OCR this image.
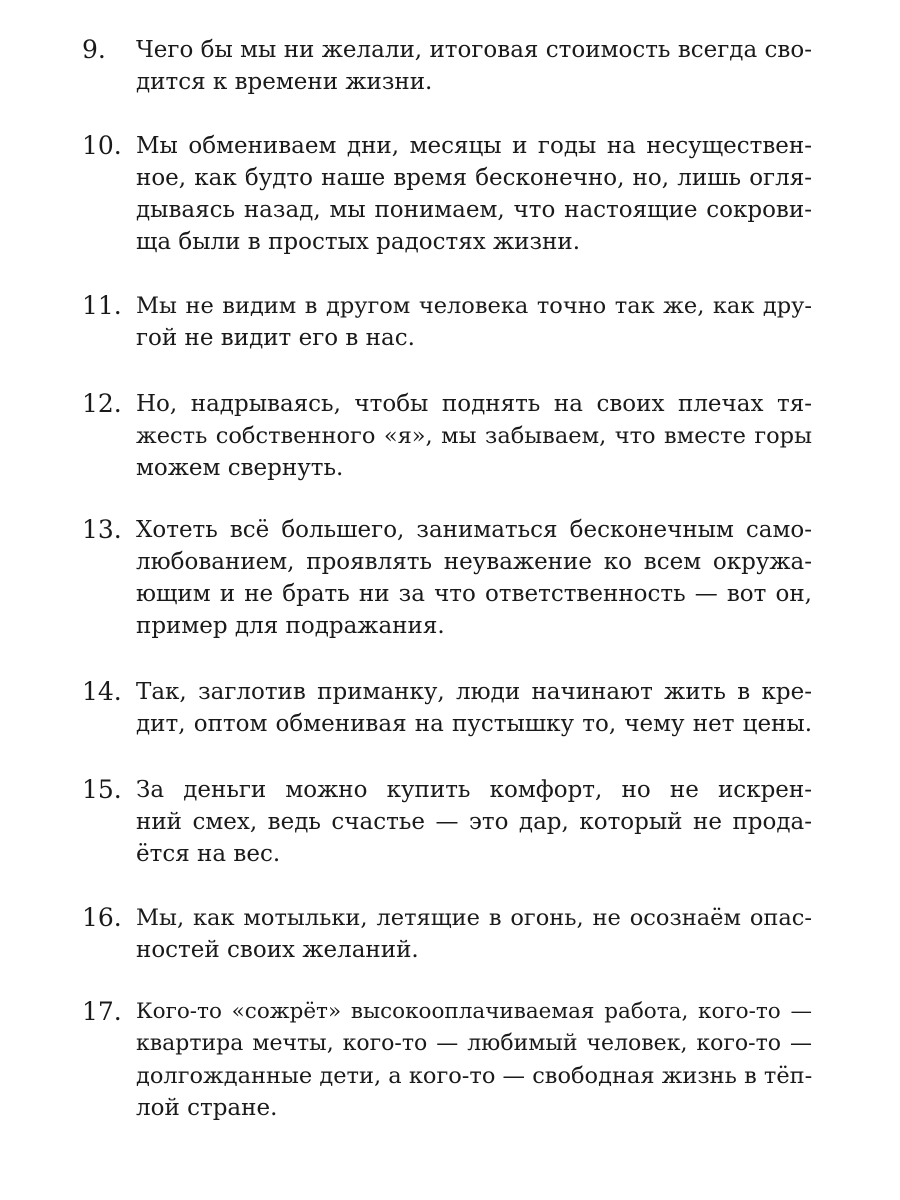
9. Чего бы мы ни желали, итоговая стоимость всегда сво-
дится к времени жизни.
10. Мы обмениваем дни, месяцы и годы на несуществен-
ное, как будто наше время бесконечно, но, лишь огля-
дываясь назад, мы понимаем, что настоящие сокрови-
ща были в простых радостях жизни.
11. Мы не видим в другом человека точно так же, как дру-
гой не видит его в нас.
12. Но, надрываясь, чтобы поднять на своих плечах тя-
жесть собственного «я», мы забываем, что вместе горы
можем свернуть.
13. Хотеть всё большего, заниматься бесконечным само-
любованием, проявлять неуважение ко всем окружа-
ющим и не брать ни за что ответственность — вот он,
пример для подражания.
14. Так, заглотив приманку, люди начинают жить в кре-
дит, оптом обменивая на пустышку то, чему нет цены.
15. За деньги можно купить комфорт, но не искрен-
ний смех, ведь счастье — это дар, который не прода-
ётся на вес.
16. Мы, как мотыльки, летящие в огонь, не осознаём опас-
ностей своих желаний.
17. Кого-то «сожрёт» высокооплачиваемая работа, кого-то —
квартира мечты, кого-то — любимый человек, кого-то —
долгожданные дети, а кого-то — свободная жизнь в тёп-
лой стране.
